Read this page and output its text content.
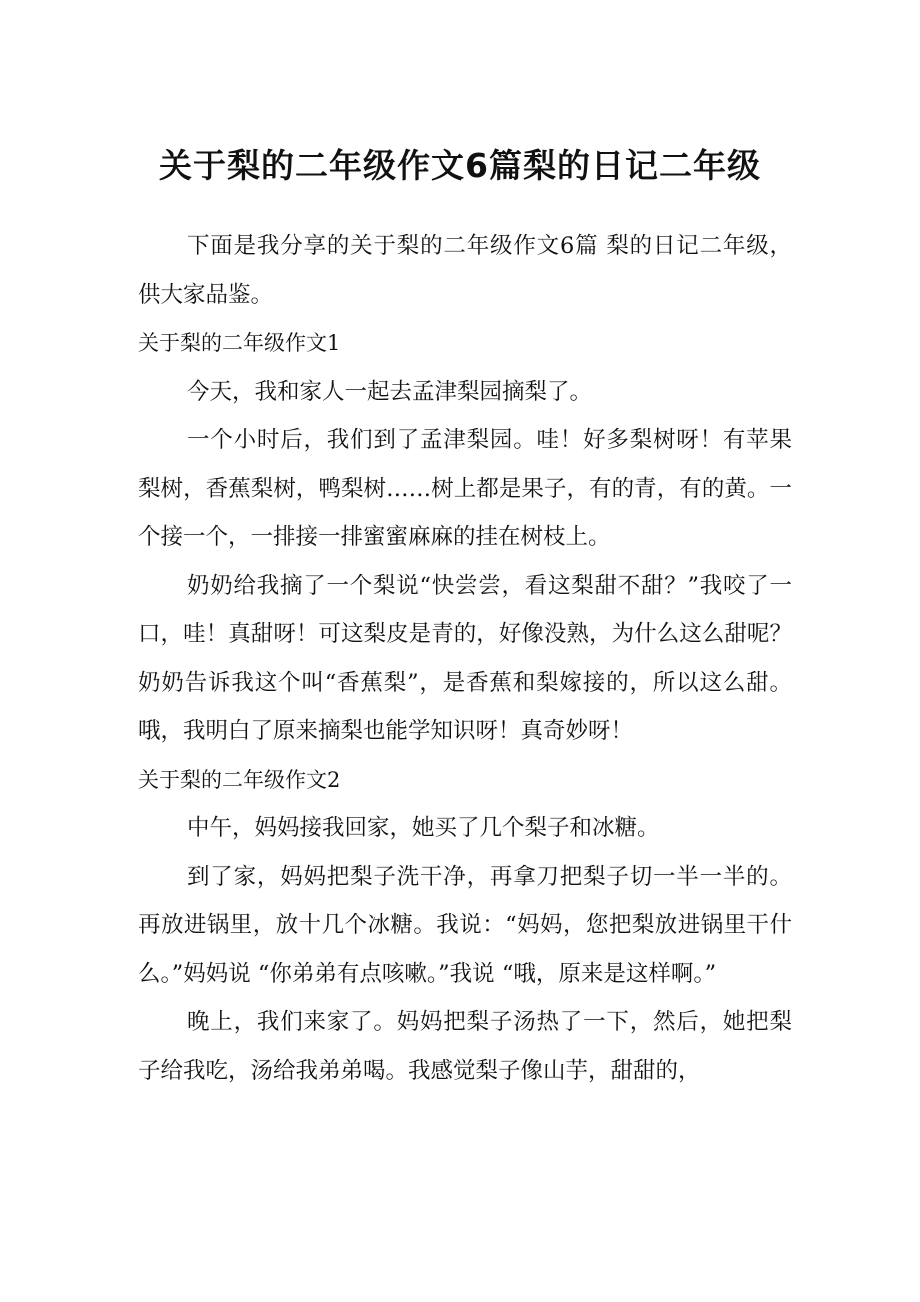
关于梨的二年级作文6篇梨的日记二年级

下面是我分享的关于梨的二年级作文6篇 梨的日记二年级，供大家品鉴。

关于梨的二年级作文1

今天，我和家人一起去孟津梨园摘梨了。

一个小时后，我们到了孟津梨园。哇！好多梨树呀！有苹果梨树，香蕉梨树，鸭梨树……树上都是果子，有的青，有的黄。一个接一个，一排接一排蜜蜜麻麻的挂在树枝上。

奶奶给我摘了一个梨说“快尝尝，看这梨甜不甜？”我咬了一口，哇！真甜呀！可这梨皮是青的，好像没熟，为什么这么甜呢？奶奶告诉我这个叫“香蕉梨”，是香蕉和梨嫁接的，所以这么甜。哦，我明白了原来摘梨也能学知识呀！真奇妙呀！

关于梨的二年级作文2

中午，妈妈接我回家，她买了几个梨子和冰糖。

到了家，妈妈把梨子洗干净，再拿刀把梨子切一半一半的。再放进锅里，放十几个冰糖。我说：“妈妈，您把梨放进锅里干什么。”妈妈说 “你弟弟有点咳嗽。”我说 “哦，原来是这样啊。”

晚上，我们来家了。妈妈把梨子汤热了一下，然后，她把梨子给我吃，汤给我弟弟喝。我感觉梨子像山芋，甜甜的，
